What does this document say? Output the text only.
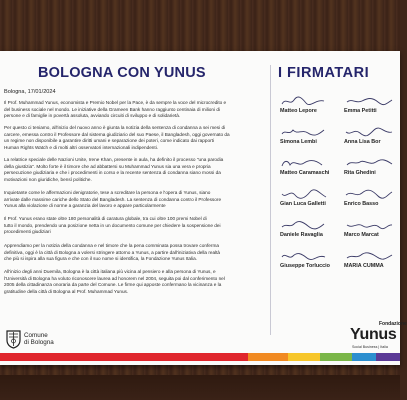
BOLOGNA CON YUNUS
Bologna, 17/01/2024
Il Prof. Muhammad Yunus, economista e Premio Nobel per la Pace, è da sempre la voce del microcredito e
del business sociale nel mondo. Le iniziative della Grameen Bank hanno raggiunto centinaia di milioni di
persone e di famiglie in povertà assoluta, avviando circuiti di sviluppo e di solidarietà.
Per questo ci teniamo, all'inizio del nuovo anno è giunta la notizia della sentenza di condanna a sei mesi di
carcere, emessa contro il Professore dal sistema giudiziario del suo Paese, il Bangladesh, oggi governato da
un regime non disponibile a garantire diritti umani e separazione dei poteri, come indicato dai rapporti
Human Rights Watch e di molti altri osservatori internazionali indipendenti.
La relatrice speciale delle Nazioni Unite, Irene Khan, presente in aula, ha definito il processo "una parodia
della giustizia". Molto forte è il timore che ad abbattersi su Muhammad Yunus sia una vera e propria
persecuzione giudiziaria e che i procedimenti in corso e la recente sentenza di condanna siano mossi da
motivazioni non giuridiche, bensì politiche.
Inquietante come le affermazioni denigratorie, tese a screditare la persona e l'opera di Yunus, siano
arrivate dalle massime cariche dello Stato del Bangladesh. La sentenza di condanna contro il Professore
Yunus alla violazione di norme a garanzia del lavoro e appare particolarmente
Il Prof. Yunus erano state oltre 180 personalità di caratura globale, tra cui oltre 100 premi Nobel di
tutto il mondo, prendendo una posizione netta in un documento comune per chiedere la sospensione dei
procedimenti giudiziari
Apprendiamo per la notizia della condanna e nel timore che la pena comminata possa trovare conferma
definitiva, oggi è la città di Bologna a volersi stringere attorno a Yunus, a partire dall'iniziativa della realtà
che più si ispira alla sua figura e che con il suo nome si identifica, la Fondazione Yunus Italia.
All'inizio degli anni Duemila, Bologna è la città italiana più vicina al pensiero e alla persona di Yunus, e
l'Università di Bologna ha voluto riconoscere laurea ad honorem nel 2004, seguita poi dal conferimento nel
2005 della cittadinanza onoraria da parte del Comune. Le firme qui apposte confermano la vicinanza e la
gratitudine della città di Bologna al Prof. Muhammad Yunus.
Comune
di Bologna
I FIRMATARI
Matteo Lepore	Emma Petitti
Simona Lembi	Anna Lisa Bor
Matteo Caramaschi	Rita Ghedini
Gian Luca Galletti	Enrico Basso
Daniele Ravaglia	Marco Marcat
Giuseppe Torluccio	MARIA CUMMA
Fondazione
Yunus
Social Business | Italia
